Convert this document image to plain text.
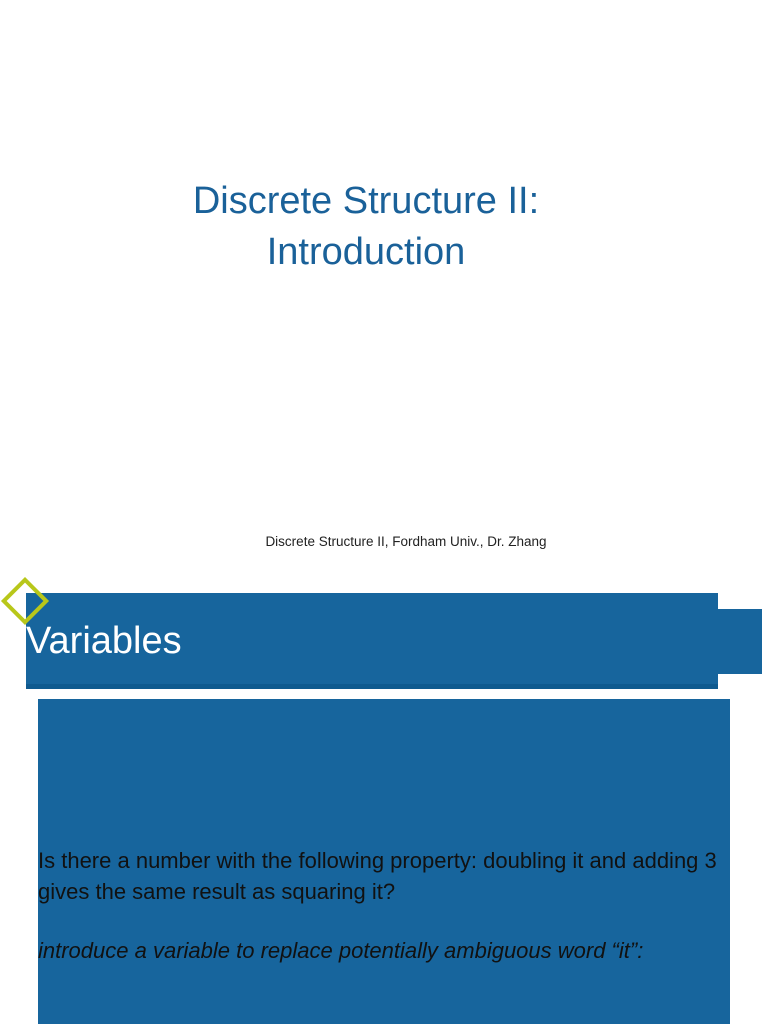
Discrete Structure II:
Introduction
Discrete Structure II, Fordham Univ., Dr. Zhang
Variables

Is there a number with the following property: doubling it and adding 3 gives the same result as squaring it?

introduce a variable to replace potentially ambiguous word “it”:
